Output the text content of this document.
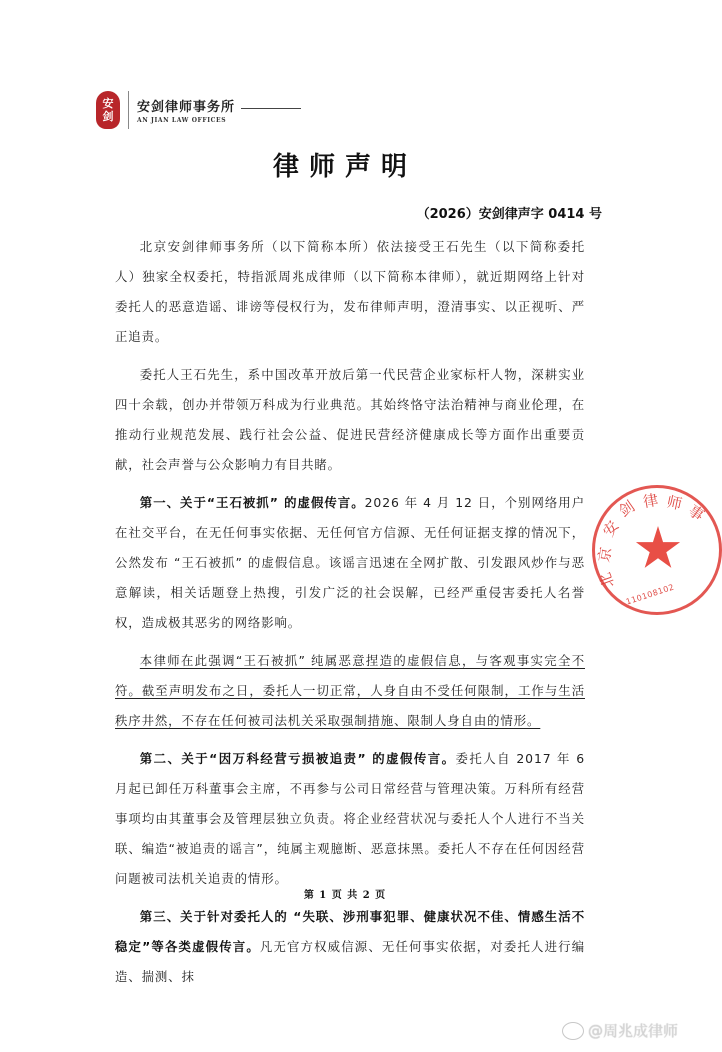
安
剑
安剑律师事务所
AN JIAN LAW OFFICES
律师声明
（2026）安剑律声字 0414 号

北京安剑律师事务所（以下简称本所）依法接受王石先生（以下简称委托人）独家全权委托，特指派周兆成律师（以下简称本律师），就近期网络上针对委托人的恶意造谣、诽谤等侵权行为，发布律师声明，澄清事实、以正视听、严正追责。

委托人王石先生，系中国改革开放后第一代民营企业家标杆人物，深耕实业四十余载，创办并带领万科成为行业典范。其始终恪守法治精神与商业伦理，在推动行业规范发展、践行社会公益、促进民营经济健康成长等方面作出重要贡献，社会声誉与公众影响力有目共睹。

第一、关于“王石被抓” 的虚假传言。2026 年 4 月 12 日，个别网络用户在社交平台，在无任何事实依据、无任何官方信源、无任何证据支撑的情况下，公然发布 “王石被抓” 的虚假信息。该谣言迅速在全网扩散、引发跟风炒作与恶意解读，相关话题登上热搜，引发广泛的社会误解，已经严重侵害委托人名誉权，造成极其恶劣的网络影响。

本律师在此强调“王石被抓” 纯属恶意捏造的虚假信息，与客观事实完全不符。截至声明发布之日，委托人一切正常，人身自由不受任何限制，工作与生活秩序井然，不存在任何被司法机关采取强制措施、限制人身自由的情形。

第二、关于“因万科经营亏损被追责” 的虚假传言。委托人自 2017 年 6 月起已卸任万科董事会主席，不再参与公司日常经营与管理决策。万科所有经营事项均由其董事会及管理层独立负责。将企业经营状况与委托人个人进行不当关联、编造“被追责的谣言”，纯属主观臆断、恶意抹黑。委托人不存在任何因经营问题被司法机关追责的情形。

第三、关于针对委托人的 “失联、涉刑事犯罪、健康状况不佳、情感生活不稳定”等各类虚假传言。凡无官方权威信源、无任何事实依据，对委托人进行编造、揣测、抹

北
京
安
剑 律 师 事
110108102
第 1 页 共 2 页
@周兆成律师
